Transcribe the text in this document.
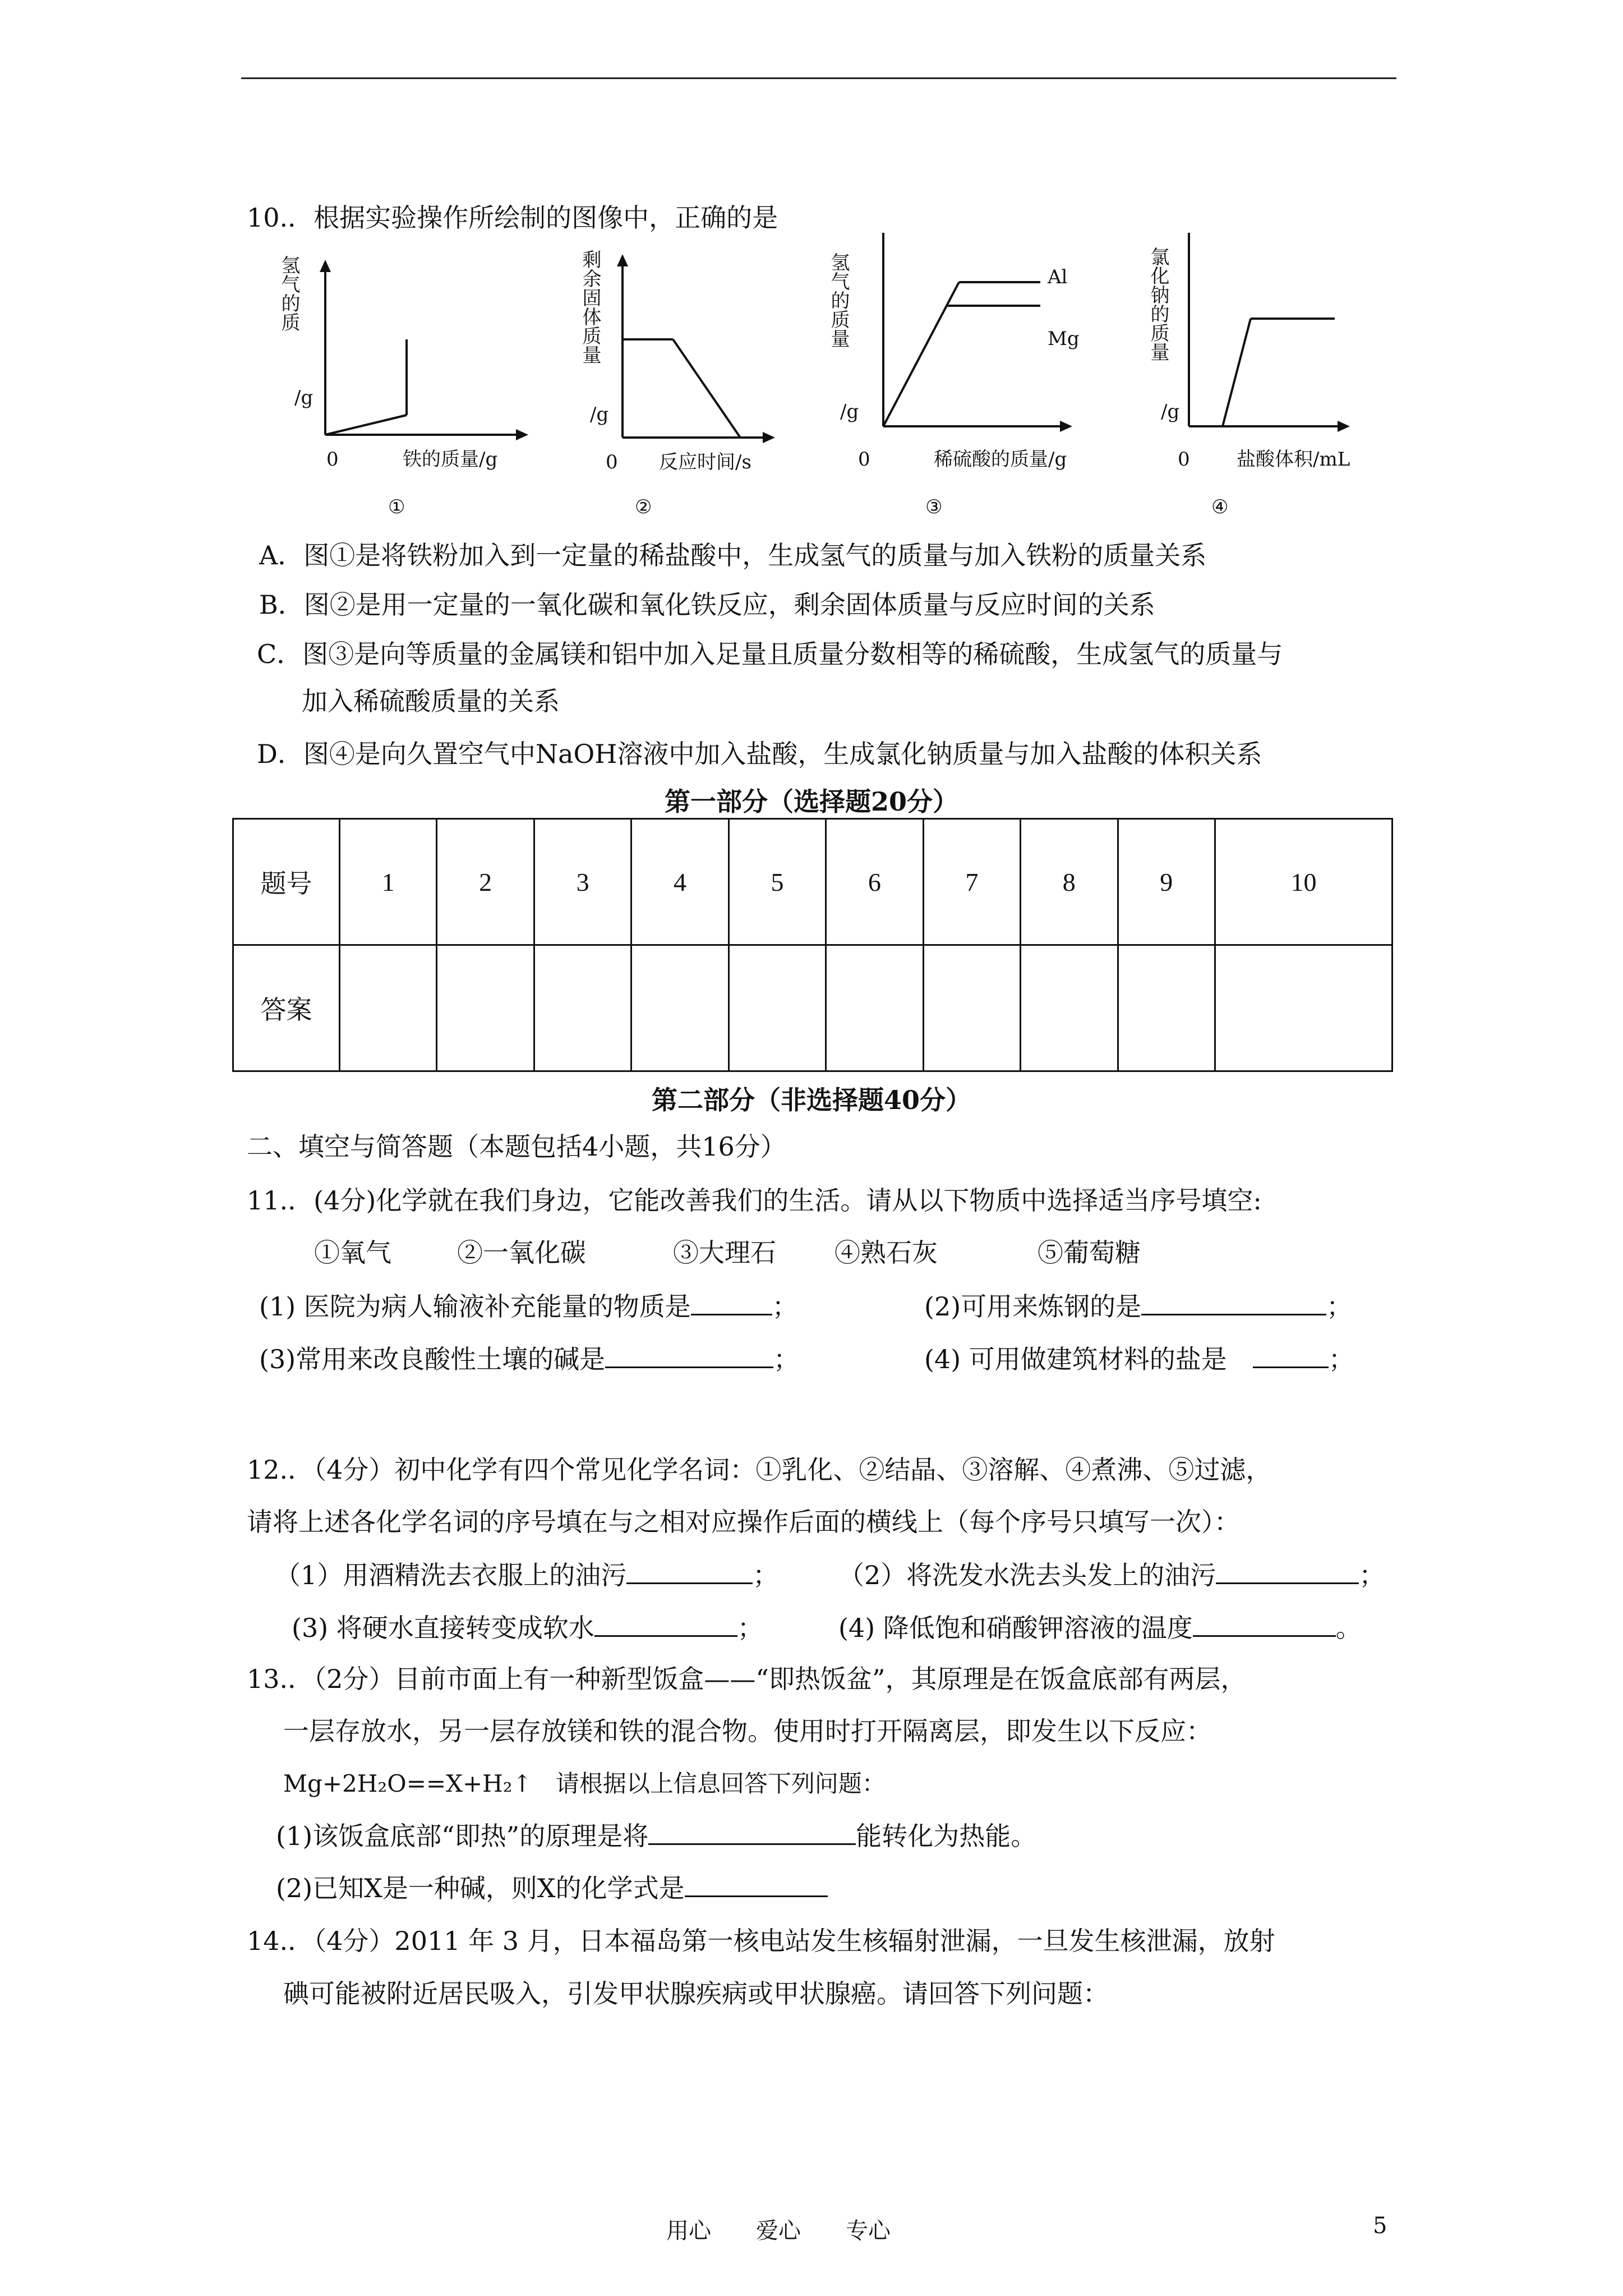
10.．根据实验操作所绘制的图像中，正确的是
氢气的质
/g
0	铁的质量/g
①
剩余固体质量
/g
0 反应时间/s
②
氢气的质量
/g
0	稀硫酸的质量/g
Al
Mg
③
氯化钠的质量
/g
0 盐酸体积/mL
④
A．图①是将铁粉加入到一定量的稀盐酸中，生成氢气的质量与加入铁粉的质量关系
B．图②是用一定量的一氧化碳和氧化铁反应，剩余固体质量与反应时间的关系
C．图③是向等质量的金属镁和铝中加入足量且质量分数相等的稀硫酸，生成氢气的质量与
加入稀硫酸质量的关系
D．图④是向久置空气中NaOH溶液中加入盐酸，生成氯化钠质量与加入盐酸的体积关系
第一部分（选择题20分）
题号	1	2	3	4	5	6	7	8	9	10
答案										
第二部分（非选择题40分）
二、填空与简答题（本题包括4小题，共16分）
11.．(4分)化学就在我们身边，它能改善我们的生活。请从以下物质中选择适当序号填空:
①氧气	②一氧化碳	③大理石 ④熟石灰	⑤葡萄糖
(1) 医院为病人输液补充能量的物质是	；	(2)可用来炼钢的是	；
(3)常用来改良酸性土壤的碱是	；	(4) 可用做建筑材料的盐是　	；
12.．（4分）初中化学有四个常见化学名词：①乳化、②结晶、③溶解、④煮沸、⑤过滤，
请将上述各化学名词的序号填在与之相对应操作后面的横线上（每个序号只填写一次）：
（1）用酒精洗去衣服上的油污	； （2）将洗发水洗去头发上的油污	；
(3) 将硬水直接转变成软水	；	(4) 降低饱和硝酸钾溶液的温度	。
13.．（2分）目前市面上有一种新型饭盒——“即热饭盆”，其原理是在饭盒底部有两层，
一层存放水，另一层存放镁和铁的混合物。使用时打开隔离层，即发生以下反应：
Mg+2H₂O==X+H₂↑　 请根据以上信息回答下列问题：
(1)该饭盒底部“即热”的原理是将	能转化为热能。
(2)已知X是一种碱，则X的化学式是
14.．（4分）2011 年 3 月，日本福岛第一核电站发生核辐射泄漏，一旦发生核泄漏，放射
碘可能被附近居民吸入，引发甲状腺疾病或甲状腺癌。请回答下列问题：
用心　　爱心　　专心	5
